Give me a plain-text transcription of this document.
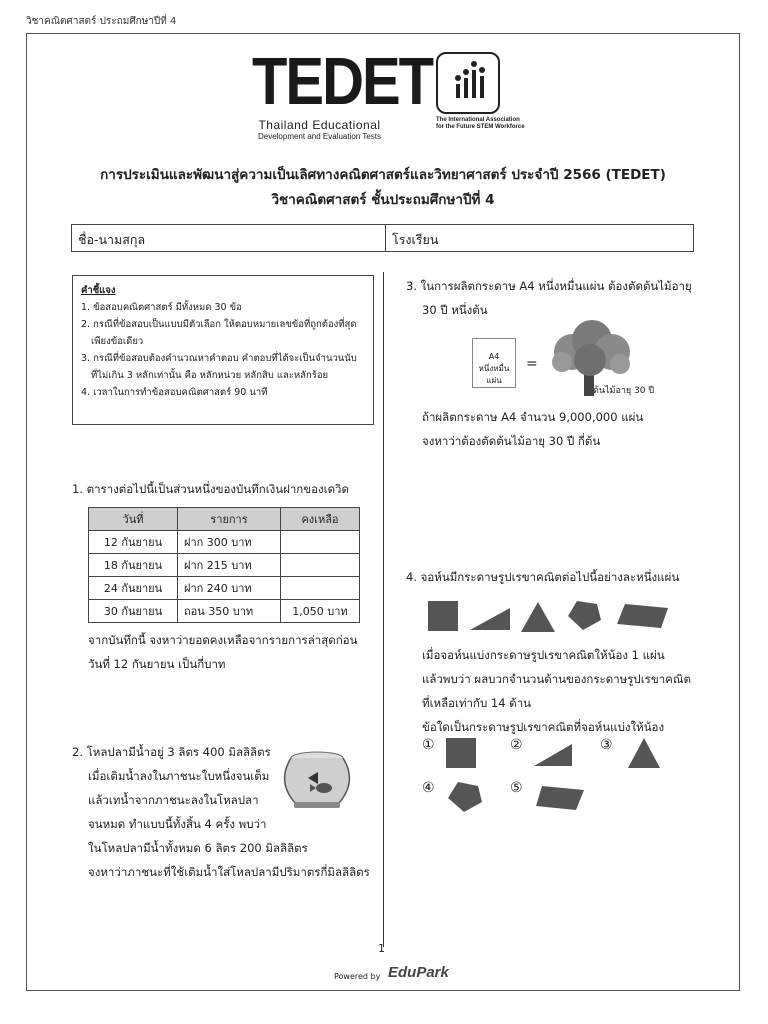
วิชาคณิตศาสตร์ ประถมศึกษาปีที่ 4
TEDET
Thailand Educational
Development and Evaluation Tests
The International Association
for the Future STEM Workforce
การประเมินและพัฒนาสู่ความเป็นเลิศทางคณิตศาสตร์และวิทยาศาสตร์ ประจำปี 2566 (TEDET)
วิชาคณิตศาสตร์ ชั้นประถมศึกษาปีที่ 4
ชื่อ-นามสกุล	โรงเรียน
คำชี้แจง
1. ข้อสอบคณิตศาสตร์ มีทั้งหมด 30 ข้อ
2. กรณีที่ข้อสอบเป็นแบบมีตัวเลือก ให้ตอบหมายเลขข้อที่ถูกต้องที่สุด
เพียงข้อเดียว
3. กรณีที่ข้อสอบต้องคำนวณหาคำตอบ คำตอบที่ได้จะเป็นจำนวนนับ
ที่ไม่เกิน 3 หลักเท่านั้น คือ หลักหน่วย หลักสิบ และหลักร้อย
4. เวลาในการทำข้อสอบคณิตศาสตร์ 90 นาที
1. ตารางต่อไปนี้เป็นส่วนหนึ่งของบันทึกเงินฝากของเดวิด
วันที่	รายการ	คงเหลือ
12 กันยายน	ฝาก 300 บาท	
18 กันยายน	ฝาก 215 บาท	
24 กันยายน	ฝาก 240 บาท	
30 กันยายน	ถอน 350 บาท	1,050 บาท
จากบันทึกนี้ จงหาว่ายอดคงเหลือจากรายการล่าสุดก่อน
วันที่ 12 กันยายน เป็นกี่บาท
2. โหลปลามีน้ำอยู่ 3 ลิตร 400 มิลลิลิตร
เมื่อเติมน้ำลงในภาชนะใบหนึ่งจนเต็ม
แล้วเทน้ำจากภาชนะลงในโหลปลา
จนหมด ทำแบบนี้ทั้งสิ้น 4 ครั้ง พบว่า
ในโหลปลามีน้ำทั้งหมด 6 ลิตร 200 มิลลิลิตร
จงหาว่าภาชนะที่ใช้เติมน้ำใส่โหลปลามีปริมาตรกี่มิลลิลิตร
3. ในการผลิตกระดาษ A4 หนึ่งหมื่นแผ่น ต้องตัดต้นไม้อายุ
30 ปี หนึ่งต้น
A4
หนึ่งหมื่นแผ่น
=
ต้นไม้อายุ 30 ปี
ถ้าผลิตกระดาษ A4 จำนวน 9,000,000 แผ่น
จงหาว่าต้องตัดต้นไม้อายุ 30 ปี กี่ต้น
4. จอห์นมีกระดาษรูปเรขาคณิตต่อไปนี้อย่างละหนึ่งแผ่น
เมื่อจอห์นแบ่งกระดาษรูปเรขาคณิตให้น้อง 1 แผ่น
แล้วพบว่า ผลบวกจำนวนด้านของกระดาษรูปเรขาคณิต
ที่เหลือเท่ากับ 14 ด้าน
ข้อใดเป็นกระดาษรูปเรขาคณิตที่จอห์นแบ่งให้น้อง
①	②	③
④	⑤
1
Powered by EduPark
